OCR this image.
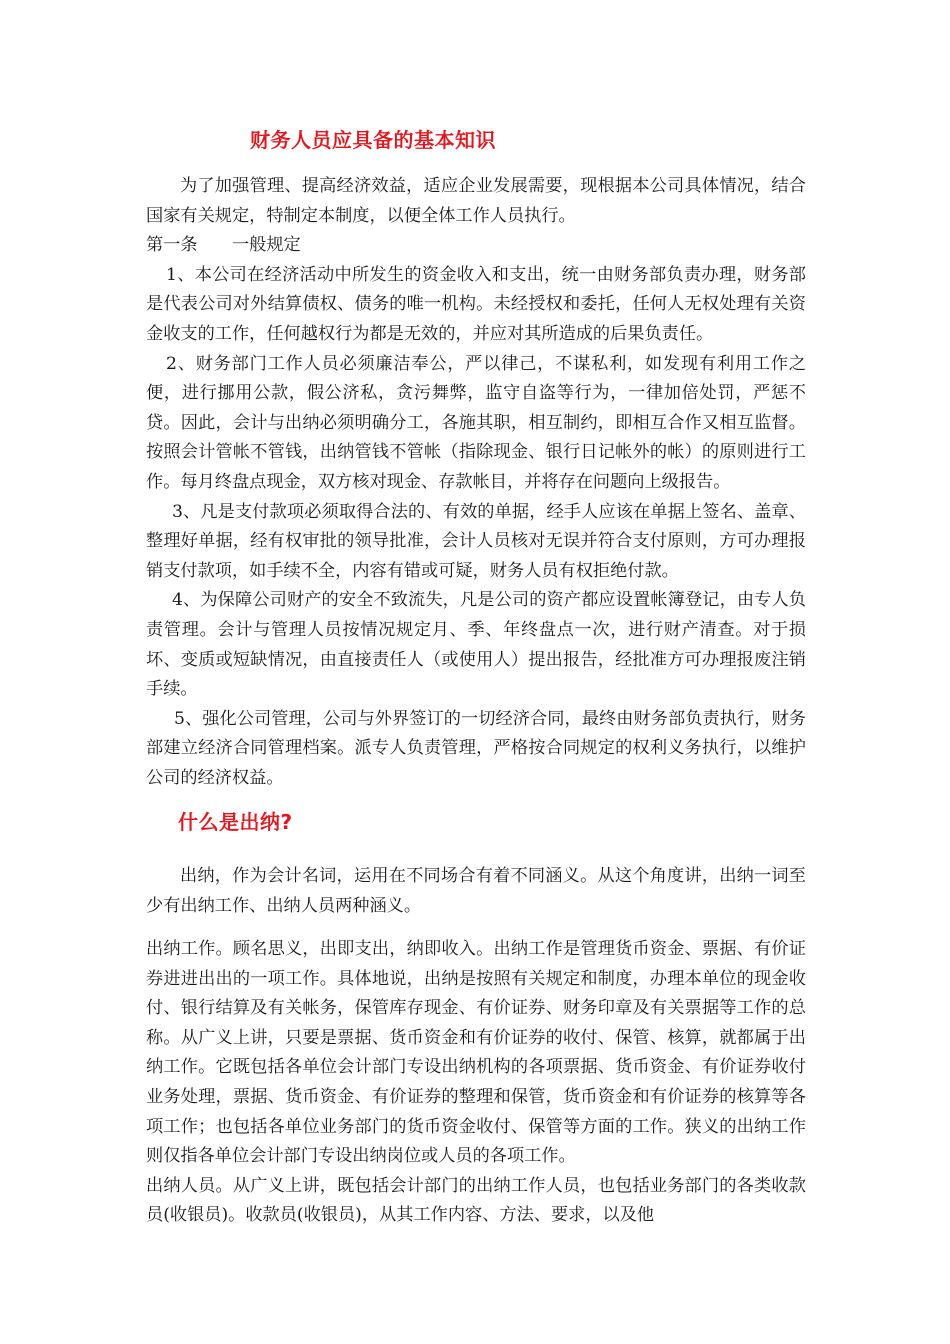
财务人员应具备的基本知识

为了加强管理、提高经济效益，适应企业发展需要，现根据本公司具体情况，结合国家有关规定，特制定本制度，以便全体工作人员执行。

第一条　　一般规定

1、本公司在经济活动中所发生的资金收入和支出，统一由财务部负责办理，财务部是代表公司对外结算债权、债务的唯一机构。未经授权和委托，任何人无权处理有关资金收支的工作，任何越权行为都是无效的，并应对其所造成的后果负责任。

2、财务部门工作人员必须廉洁奉公，严以律己，不谋私利，如发现有利用工作之便，进行挪用公款，假公济私，贪污舞弊，监守自盗等行为，一律加倍处罚，严惩不贷。因此，会计与出纳必须明确分工，各施其职，相互制约，即相互合作又相互监督。按照会计管帐不管钱，出纳管钱不管帐（指除现金、银行日记帐外的帐）的原则进行工作。每月终盘点现金，双方核对现金、存款帐目，并将存在问题向上级报告。

3、凡是支付款项必须取得合法的、有效的单据，经手人应该在单据上签名、盖章、整理好单据，经有权审批的领导批准，会计人员核对无误并符合支付原则，方可办理报销支付款项，如手续不全，内容有错或可疑，财务人员有权拒绝付款。

4、为保障公司财产的安全不致流失，凡是公司的资产都应设置帐簿登记，由专人负责管理。会计与管理人员按情况规定月、季、年终盘点一次，进行财产清查。对于损坏、变质或短缺情况，由直接责任人（或使用人）提出报告，经批准方可办理报废注销手续。

5、强化公司管理，公司与外界签订的一切经济合同，最终由财务部负责执行，财务部建立经济合同管理档案。派专人负责管理，严格按合同规定的权利义务执行，以维护公司的经济权益。

什么是出纳?

出纳，作为会计名词，运用在不同场合有着不同涵义。从这个角度讲，出纳一词至少有出纳工作、出纳人员两种涵义。

出纳工作。顾名思义，出即支出，纳即收入。出纳工作是管理货币资金、票据、有价证券进进出出的一项工作。具体地说，出纳是按照有关规定和制度，办理本单位的现金收付、银行结算及有关帐务，保管库存现金、有价证券、财务印章及有关票据等工作的总称。从广义上讲，只要是票据、货币资金和有价证券的收付、保管、核算，就都属于出纳工作。它既包括各单位会计部门专设出纳机构的各项票据、货币资金、有价证券收付业务处理，票据、货币资金、有价证券的整理和保管，货币资金和有价证券的核算等各项工作；也包括各单位业务部门的货币资金收付、保管等方面的工作。狭义的出纳工作则仅指各单位会计部门专设出纳岗位或人员的各项工作。

出纳人员。从广义上讲，既包括会计部门的出纳工作人员，也包括业务部门的各类收款员(收银员)。收款员(收银员)，从其工作内容、方法、要求，以及他
